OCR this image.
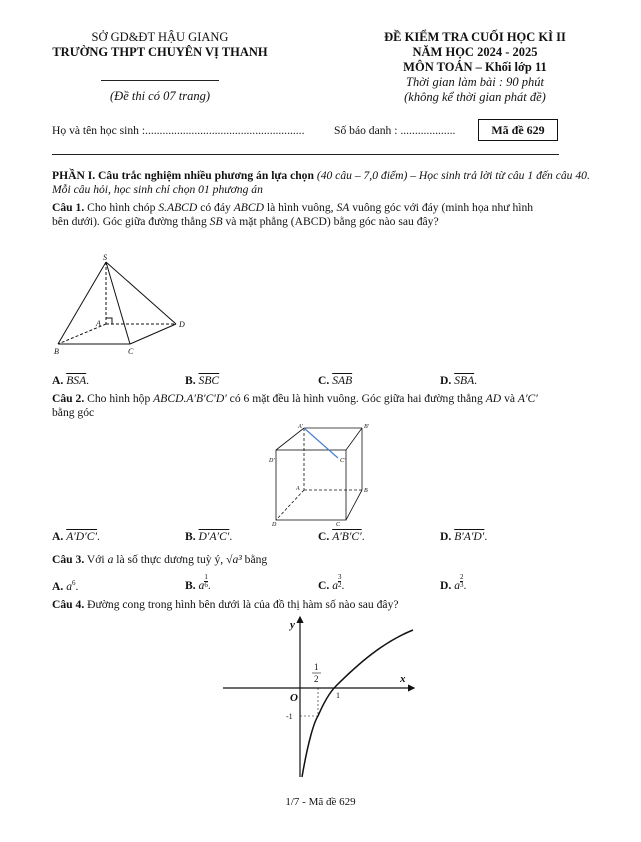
SỞ GD&ĐT HẬU GIANG
TRƯỜNG THPT CHUYÊN VỊ THANH
(Đề thi có 07 trang)
ĐỀ KIỂM TRA CUỐI HỌC KÌ II
NĂM HỌC 2024 - 2025
MÔN TOÁN – Khối lớp 11
Thời gian làm bài : 90 phút
(không kể thời gian phát đề)
Họ và tên học sinh :.......................................................	Số báo danh : ...................	Mã đề 629
PHẦN I. Câu trắc nghiệm nhiều phương án lựa chọn (40 câu – 7,0 điểm) – Học sinh trả lời từ câu 1 đến câu 40. Mỗi câu hỏi, học sinh chỉ chọn 01 phương án
Câu 1. Cho hình chóp S.ABCD có đáy ABCD là hình vuông, SA vuông góc với đáy (minh họa như hình
bên dưới). Góc giữa đường thẳng SB và mặt phẳng (ABCD) bằng góc nào sau đây?
S
A
B	C
D
A. $\overline{BSA}$.	B. $\overline{SBC}$	C. $\overline{SAB}$	D. $\overline{SBA}$.
Câu 2. Cho hình hộp ABCD.A′B′C′D′ có 6 mặt đều là hình vuông. Góc giữa hai đường thẳng AD và A′C′
bằng góc
A′	B′
C′
D′
A	B
C
D
A. A′D′C′.	B. D′A′C′.	C. A′B′C′.	D. B′A′D′.
Câu 3. Với a là số thực dương tuỳ ý, √a³ bằng
A. $a^6$.	B. a $\frac{1}{6}$ .	C. a $\frac{3}{2}$ .	D. a $\frac{2}{3}$ .
Câu 4. Đường cong trong hình bên dưới là của đồ thị hàm số nào sau đây?
y
x
O
1
2
1
-1
1/7 - Mã đề 629
